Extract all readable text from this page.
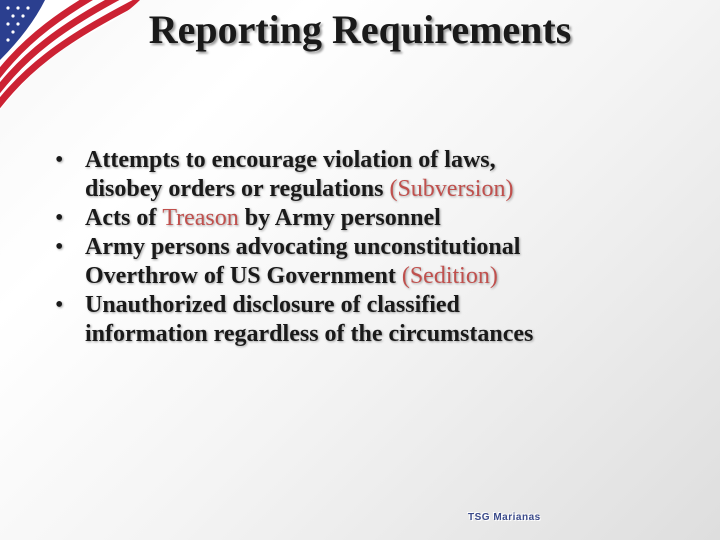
Reporting Requirements
• Attempts to encourage violation of laws,
disobey orders or regulations (Subversion)
• Acts of Treason by Army personnel
• Army persons advocating unconstitutional
Overthrow of US Government (Sedition)
• Unauthorized disclosure of classified
information regardless of the circumstances
TSG Marianas
